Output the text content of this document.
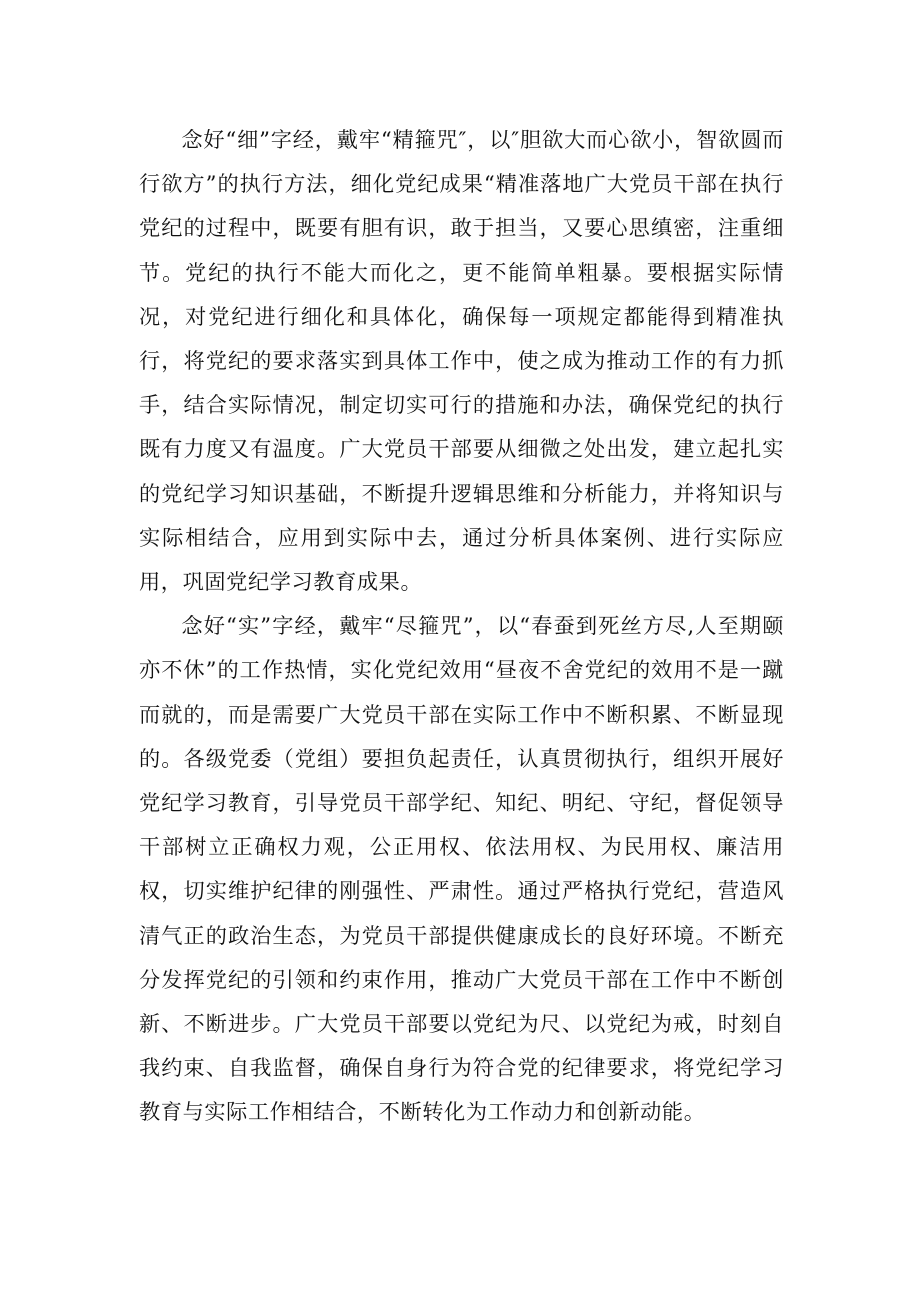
念好“细”字经，戴牢“精箍咒″，以″胆欲大而心欲小，智欲圆而行欲方”的执行方法，细化党纪成果“精准落地广大党员干部在执行党纪的过程中，既要有胆有识，敢于担当，又要心思缜密，注重细节。党纪的执行不能大而化之，更不能简单粗暴。要根据实际情况，对党纪进行细化和具体化，确保每一项规定都能得到精准执行，将党纪的要求落实到具体工作中，使之成为推动工作的有力抓手，结合实际情况，制定切实可行的措施和办法，确保党纪的执行既有力度又有温度。广大党员干部要从细微之处出发，建立起扎实的党纪学习知识基础，不断提升逻辑思维和分析能力，并将知识与实际相结合，应用到实际中去，通过分析具体案例、进行实际应用，巩固党纪学习教育成果。

念好“实”字经，戴牢“尽箍咒”，以“春蚕到死丝方尽,人至期颐亦不休”的工作热情，实化党纪效用“昼夜不舍党纪的效用不是一蹴而就的，而是需要广大党员干部在实际工作中不断积累、不断显现的。各级党委（党组）要担负起责任，认真贯彻执行，组织开展好党纪学习教育，引导党员干部学纪、知纪、明纪、守纪，督促领导干部树立正确权力观，公正用权、依法用权、为民用权、廉洁用权，切实维护纪律的刚强性、严肃性。通过严格执行党纪，营造风清气正的政治生态，为党员干部提供健康成长的良好环境。不断充分发挥党纪的引领和约束作用，推动广大党员干部在工作中不断创新、不断进步。广大党员干部要以党纪为尺、以党纪为戒，时刻自我约束、自我监督，确保自身行为符合党的纪律要求，将党纪学习教育与实际工作相结合，不断转化为工作动力和创新动能。
